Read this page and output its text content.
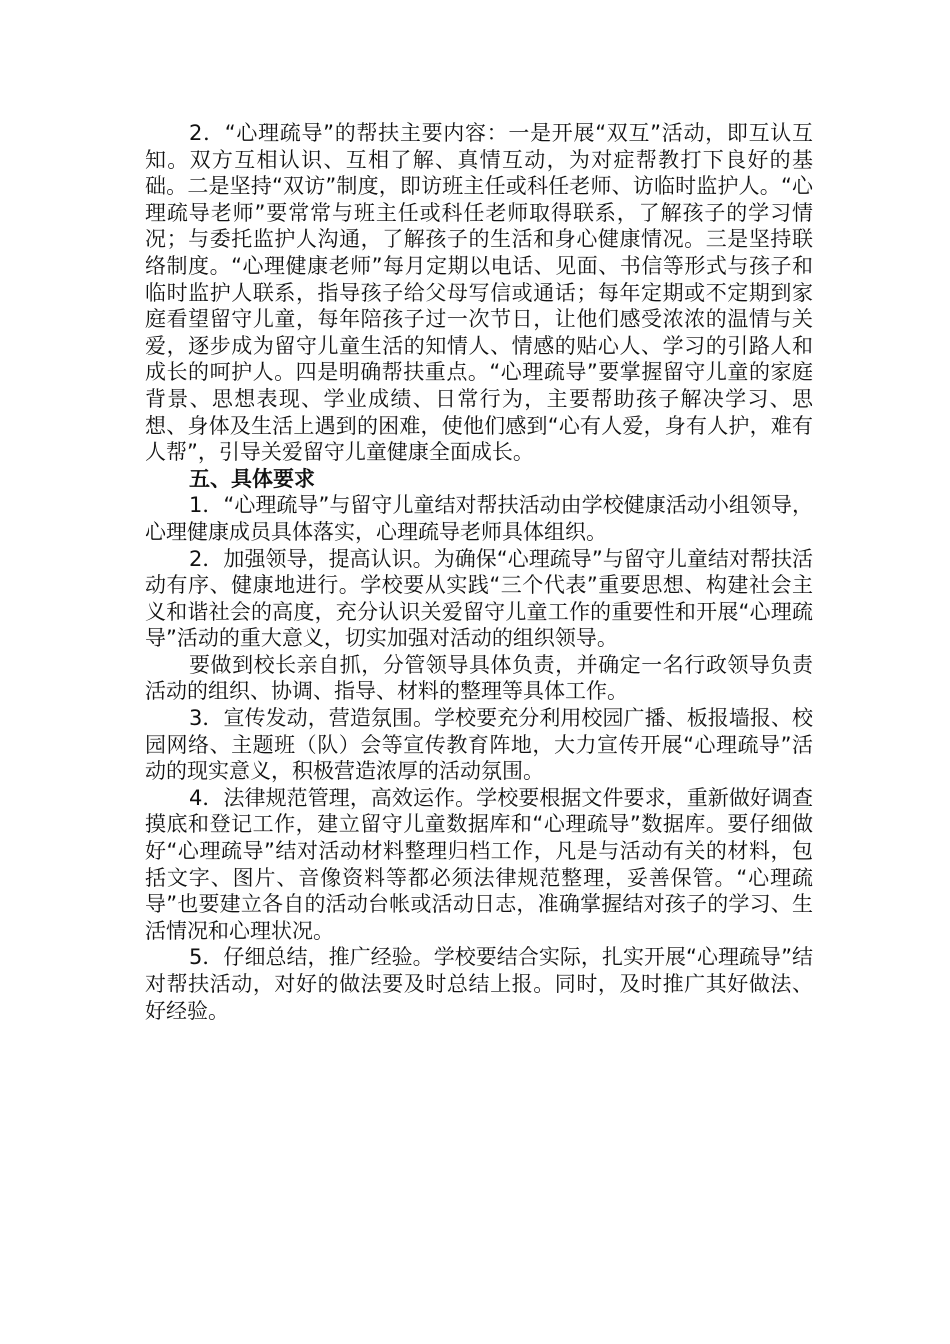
2．“心理疏导”的帮扶主要内容：一是开展“双互”活动，即互认互知。双方互相认识、互相了解、真情互动，为对症帮教打下良好的基础。二是坚持“双访”制度，即访班主任或科任老师、访临时监护人。“心理疏导老师”要常常与班主任或科任老师取得联系，了解孩子的学习情况；与委托监护人沟通，了解孩子的生活和身心健康情况。三是坚持联络制度。“心理健康老师”每月定期以电话、见面、书信等形式与孩子和临时监护人联系，指导孩子给父母写信或通话；每年定期或不定期到家庭看望留守儿童，每年陪孩子过一次节日，让他们感受浓浓的温情与关爱，逐步成为留守儿童生活的知情人、情感的贴心人、学习的引路人和成长的呵护人。四是明确帮扶重点。“心理疏导”要掌握留守儿童的家庭背景、思想表现、学业成绩、日常行为，主要帮助孩子解决学习、思想、身体及生活上遇到的困难，使他们感到“心有人爱，身有人护，难有人帮”，引导关爱留守儿童健康全面成长。

五、具体要求

1．“心理疏导”与留守儿童结对帮扶活动由学校健康活动小组领导，心理健康成员具体落实，心理疏导老师具体组织。

2．加强领导，提高认识。为确保“心理疏导”与留守儿童结对帮扶活动有序、健康地进行。学校要从实践“三个代表”重要思想、构建社会主义和谐社会的高度，充分认识关爱留守儿童工作的重要性和开展“心理疏导”活动的重大意义，切实加强对活动的组织领导。

要做到校长亲自抓，分管领导具体负责，并确定一名行政领导负责活动的组织、协调、指导、材料的整理等具体工作。

3．宣传发动，营造氛围。学校要充分利用校园广播、板报墙报、校园网络、主题班（队）会等宣传教育阵地，大力宣传开展“心理疏导”活动的现实意义，积极营造浓厚的活动氛围。

4．法律规范管理，高效运作。学校要根据文件要求，重新做好调查摸底和登记工作，建立留守儿童数据库和“心理疏导”数据库。要仔细做好“心理疏导”结对活动材料整理归档工作，凡是与活动有关的材料，包括文字、图片、音像资料等都必须法律规范整理，妥善保管。“心理疏导”也要建立各自的活动台帐或活动日志，准确掌握结对孩子的学习、生活情况和心理状况。

5．仔细总结，推广经验。学校要结合实际，扎实开展“心理疏导”结对帮扶活动，对好的做法要及时总结上报。同时，及时推广其好做法、好经验。
